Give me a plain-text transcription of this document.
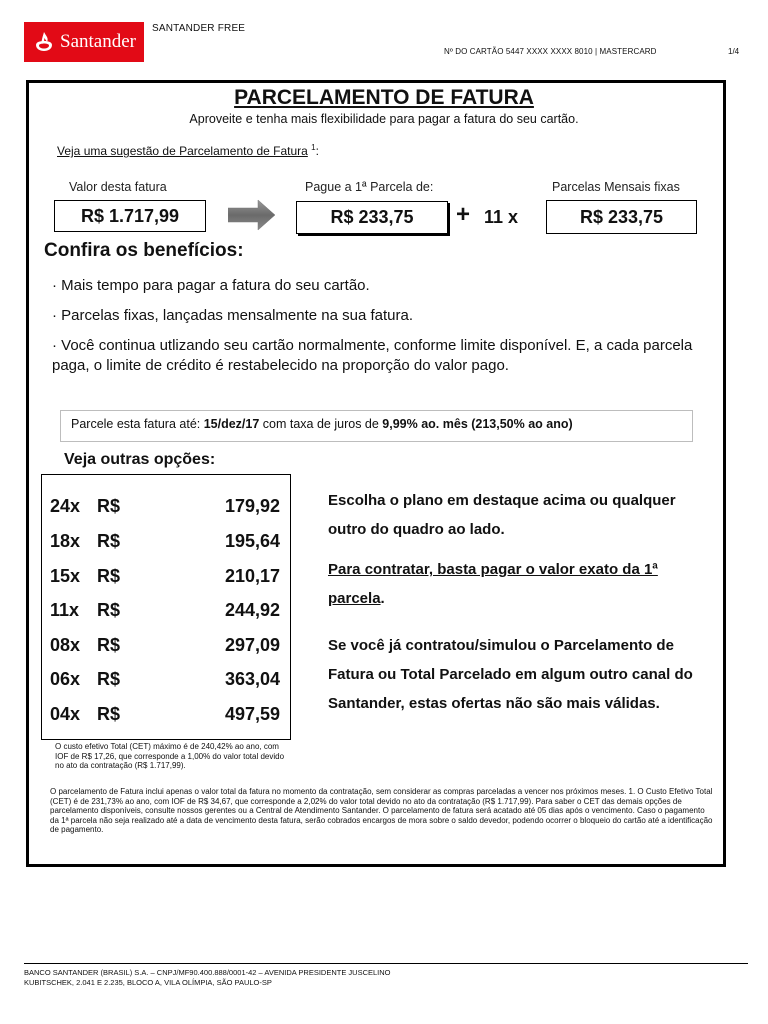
Santander
SANTANDER FREE
Nº DO CARTÃO 5447 XXXX XXXX 8010 | MASTERCARD	1/4
PARCELAMENTO DE FATURA
Aproveite e tenha mais flexibilidade para pagar a fatura do seu cartão.
Veja uma sugestão de Parcelamento de Fatura $^1$:
Valor desta fatura
R$ 1.717,99
Pague a 1ª Parcela de:
R$ 233,75	+ 11 x
Parcelas Mensais fixas
R$ 233,75
Confira os benefícios:
· Mais tempo para pagar a fatura do seu cartão.
· Parcelas fixas, lançadas mensalmente na sua fatura.
· Você continua utlizando seu cartão normalmente, conforme limite disponível. E, a cada parcela paga, o limite de crédito é restabelecido na proporção do valor pago.
Parcele esta fatura até: 15/dez/17 com taxa de juros de 9,99% ao. mês (213,50% ao ano)
Veja outras opções:
24x R$	179,92
18x R$	195,64
15x R$	210,17
11x R$	244,92
08x R$	297,09
06x R$	363,04
04x R$	497,59
O custo efetivo Total (CET) máximo é de 240,42% ao ano, com IOF de R$ 17,26, que corresponde a 1,00% do valor total devido no ato da contratação (R$ 1.717,99).
Escolha o plano em destaque acima ou qualquer outro do quadro ao lado.
Para contratar, basta pagar o valor exato da 1ª parcela.
Se você já contratou/simulou o Parcelamento de Fatura ou Total Parcelado em algum outro canal do Santander, estas ofertas não são mais válidas.
O parcelamento de Fatura inclui apenas o valor total da fatura no momento da contratação, sem considerar as compras parceladas a vencer nos próximos meses. 1. O Custo Efetivo Total (CET) é de 231,73% ao ano, com IOF de R$ 34,67, que corresponde a 2,02% do valor total devido no ato da contratação (R$ 1.717,99). Para saber o CET das demais opções de parcelamento disponíveis, consulte nossos gerentes ou a Central de Atendimento Santander. O parcelamento de fatura será acatado até 05 dias após o vencimento. Caso o pagamento da 1ª parcela não seja realizado até a data de vencimento desta fatura, serão cobrados encargos de mora sobre o saldo devedor, podendo ocorrer o bloqueio do cartão até a identificação de pagamento.
BANCO SANTANDER (BRASIL) S.A. – CNPJ/MF90.400.888/0001-42 – AVENIDA PRESIDENTE JUSCELINO
KUBITSCHEK, 2.041 E 2.235, BLOCO A, VILA OLÍMPIA, SÃO PAULO-SP
